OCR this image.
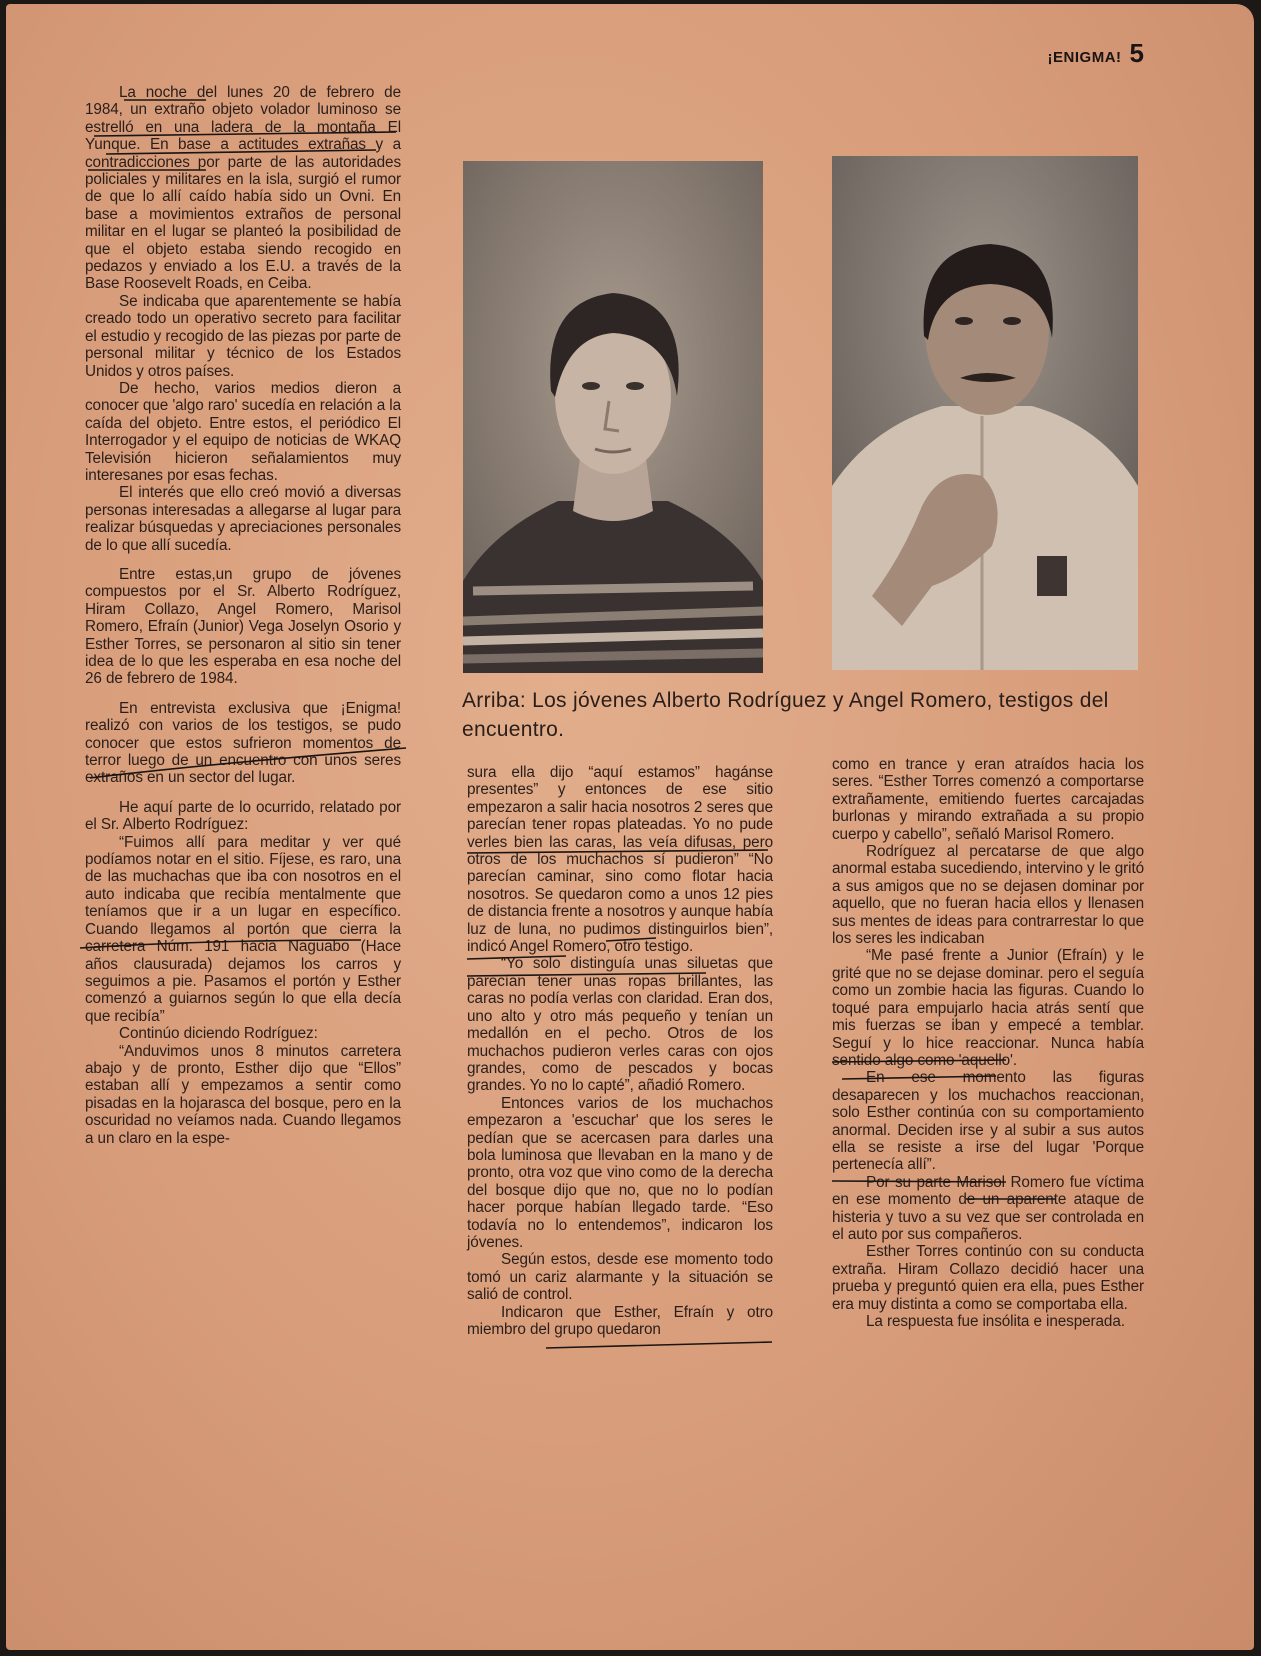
¡ENIGMA! 5

La noche del lunes 20 de febrero de 1984, un extraño objeto volador luminoso se estrelló en una ladera de la montaña El Yunque. En base a actitudes extrañas y a contradicciones por parte de las autoridades policiales y militares en la isla, surgió el rumor de que lo allí caído había sido un Ovni. En base a movimientos extraños de personal militar en el lugar se planteó la posibilidad de que el objeto estaba siendo recogido en pedazos y enviado a los E.U. a través de la Base Roosevelt Roads, en Ceiba.

Se indicaba que aparentemente se había creado todo un operativo secreto para facilitar el estudio y recogido de las piezas por parte de personal militar y técnico de los Estados Unidos y otros países.

De hecho, varios medios dieron a conocer que 'algo raro' sucedía en relación a la caída del objeto. Entre estos, el periódico El Interrogador y el equipo de noticias de WKAQ Televisión hicieron señalamientos muy interesanes por esas fechas.

El interés que ello creó movió a diversas personas interesadas a allegarse al lugar para realizar búsquedas y apreciaciones personales de lo que allí sucedía.

Entre estas,un grupo de jóvenes compuestos por el Sr. Alberto Rodríguez, Hiram Collazo, Angel Romero, Marisol Romero, Efraín (Junior) Vega Joselyn Osorio y Esther Torres, se personaron al sitio sin tener idea de lo que les esperaba en esa noche del 26 de febrero de 1984.

En entrevista exclusiva que ¡Enigma! realizó con varios de los testigos, se pudo conocer que estos sufrieron momentos de terror luego de un encuentro con unos seres extraños en un sector del lugar.

He aquí parte de lo ocurrido, relatado por el Sr. Alberto Rodríguez:

“Fuimos allí para meditar y ver qué podíamos notar en el sitio. Fíjese, es raro, una de las muchachas que iba con nosotros en el auto indicaba que recibía mentalmente que teníamos que ir a un lugar en específico. Cuando llegamos al portón que cierra la carretera Núm. 191 hacia Naguabo (Hace años clausurada) dejamos los carros y seguimos a pie. Pasamos el portón y Esther comenzó a guiarnos según lo que ella decía que recibía”

Continúo diciendo Rodríguez:

“Anduvimos unos 8 minutos carretera abajo y de pronto, Esther dijo que “Ellos” estaban allí y empezamos a sentir como pisadas en la hojarasca del bosque, pero en la oscuridad no veíamos nada. Cuando llegamos a un claro en la espe-

Arriba: Los jóvenes Alberto Rodríguez y Angel Romero, testigos del encuentro.

sura ella dijo “aquí estamos” hagánse presentes” y entonces de ese sitio empezaron a salir hacia nosotros 2 seres que parecían tener ropas plateadas. Yo no pude verles bien las caras, las veía difusas, pero otros de los muchachos sí pudieron” “No parecían caminar, sino como flotar hacia nosotros. Se quedaron como a unos 12 pies de distancia frente a nosotros y aunque había luz de luna, no pudimos distinguirlos bien”, indicó Angel Romero, otro testigo.

“Yo solo distinguía unas siluetas que parecían tener unas ropas brillantes, las caras no podía verlas con claridad. Eran dos, uno alto y otro más pequeño y tenían un medallón en el pecho. Otros de los muchachos pudieron verles caras con ojos grandes, como de pescados y bocas grandes. Yo no lo capté”, añadió Romero.

Entonces varios de los muchachos empezaron a 'escuchar' que los seres le pedían que se acercasen para darles una bola luminosa que llevaban en la mano y de pronto, otra voz que vino como de la derecha del bosque dijo que no, que no lo podían hacer porque habían llegado tarde. “Eso todavía no lo entendemos”, indicaron los jóvenes.

Según estos, desde ese momento todo tomó un cariz alarmante y la situación se salió de control.

Indicaron que Esther, Efraín y otro miembro del grupo quedaron

como en trance y eran atraídos hacia los seres. “Esther Torres comenzó a comportarse extrañamente, emitiendo fuertes carcajadas burlonas y mirando extrañada a su propio cuerpo y cabello”, señaló Marisol Romero.

Rodríguez al percatarse de que algo anormal estaba sucediendo, intervino y le gritó a sus amigos que no se dejasen dominar por aquello, que no fueran hacia ellos y llenasen sus mentes de ideas para contrarrestar lo que los seres les indicaban

“Me pasé frente a Junior (Efraín) y le grité que no se dejase dominar. pero el seguía como un zombie hacia las figuras. Cuando lo toqué para empujarlo hacia atrás sentí que mis fuerzas se iban y empecé a temblar. Seguí y lo hice reaccionar. Nunca había sentido algo como 'aquello'.

En ese momento las figuras desaparecen y los muchachos reaccionan, solo Esther continúa con su comportamiento anormal. Deciden irse y al subir a sus autos ella se resiste a irse del lugar 'Porque pertenecía allí”.

Por su parte Marisol Romero fue víctima en ese momento de un aparente ataque de histeria y tuvo a su vez que ser controlada en el auto por sus compañeros.

Esther Torres continúo con su conducta extraña. Hiram Collazo decidió hacer una prueba y preguntó quien era ella, pues Esther era muy distinta a como se comportaba ella.

La respuesta fue insólita e inesperada.
